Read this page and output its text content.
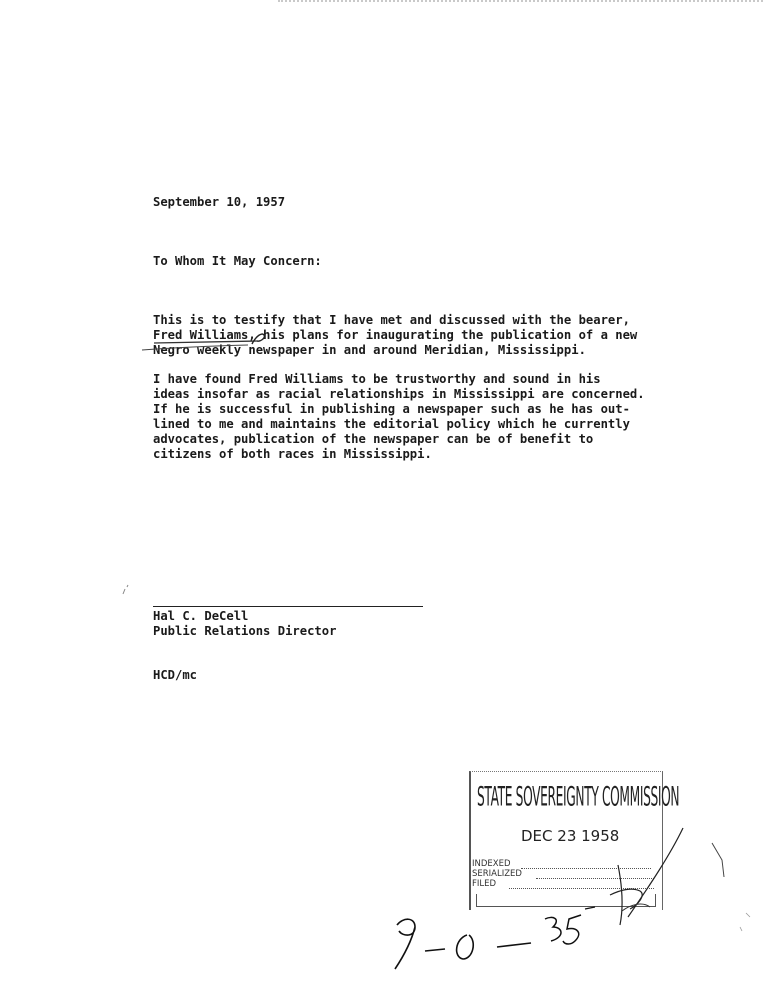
September 10, 1957
To Whom It May Concern:
This is to testify that I have met and discussed with the bearer,
Fred Williams, his plans for inaugurating the publication of a new
Negro weekly newspaper in and around Meridian, Mississippi.
I have found Fred Williams to be trustworthy and sound in his
ideas insofar as racial relationships in Mississippi are concerned.
If he is successful in publishing a newspaper such as he has out-
lined to me and maintains the editorial policy which he currently
advocates, publication of the newspaper can be of benefit to
citizens of both races in Mississippi.
Hal C. DeCell
Public Relations Director
HCD/mc
STATE SOVEREIGNTY COMMISSION
DEC 23 1958
INDEXED
SERIALIZED
FILED
